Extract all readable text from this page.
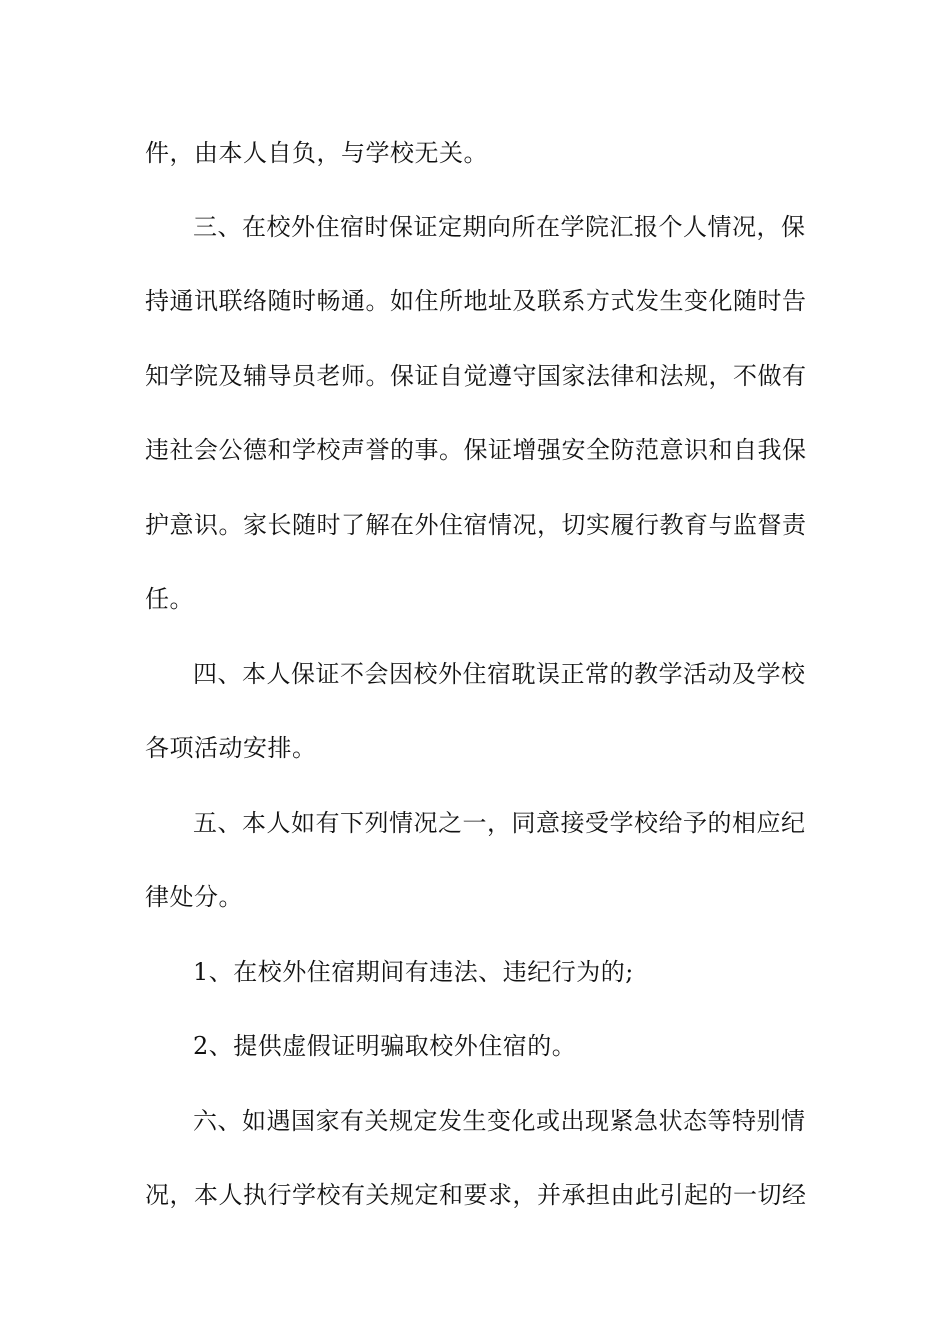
件，由本人自负，与学校无关。
三、在校外住宿时保证定期向所在学院汇报个人情况，保
持通讯联络随时畅通。如住所地址及联系方式发生变化随时告
知学院及辅导员老师。保证自觉遵守国家法律和法规，不做有
违社会公德和学校声誉的事。保证增强安全防范意识和自我保
护意识。家长随时了解在外住宿情况，切实履行教育与监督责
任。
四、本人保证不会因校外住宿耽误正常的教学活动及学校
各项活动安排。
五、本人如有下列情况之一，同意接受学校给予的相应纪
律处分。
1、在校外住宿期间有违法、违纪行为的;
2、提供虚假证明骗取校外住宿的。
六、如遇国家有关规定发生变化或出现紧急状态等特别情
况，本人执行学校有关规定和要求，并承担由此引起的一切经
